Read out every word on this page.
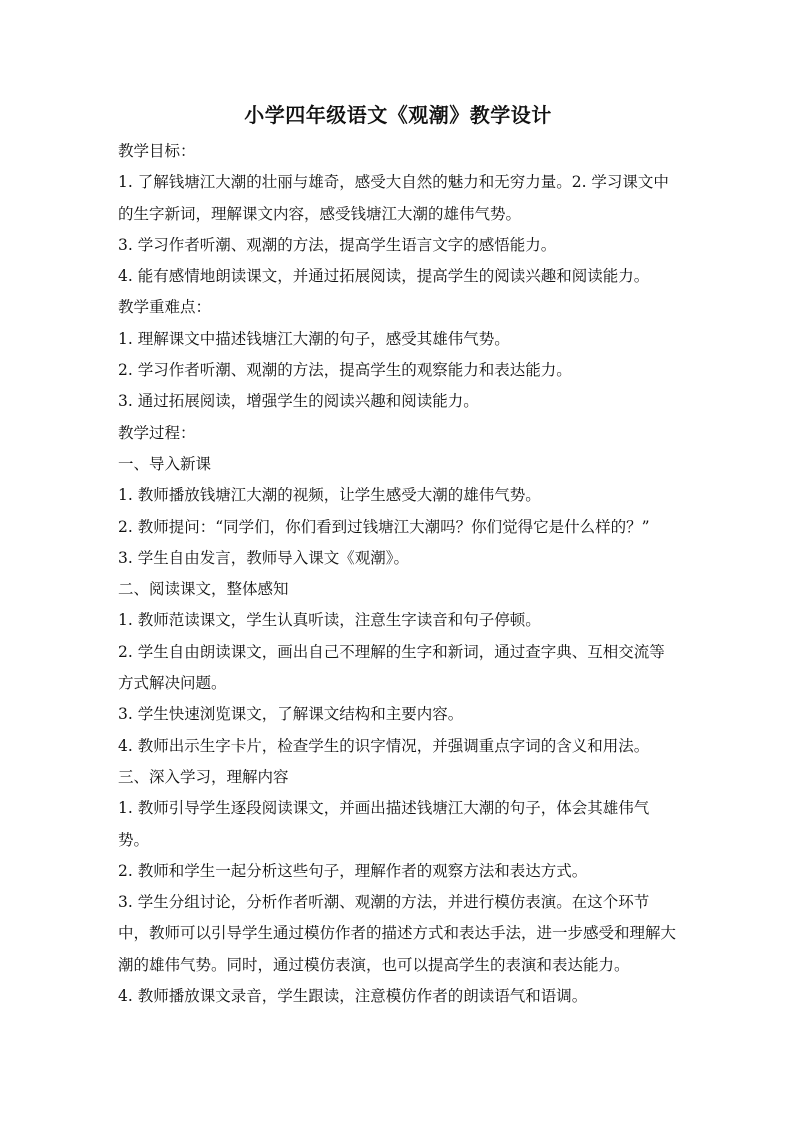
小学四年级语文《观潮》教学设计

教学目标：

1. 了解钱塘江大潮的壮丽与雄奇，感受大自然的魅力和无穷力量。2. 学习课文中的生字新词，理解课文内容，感受钱塘江大潮的雄伟气势。

3. 学习作者听潮、观潮的方法，提高学生语言文字的感悟能力。

4. 能有感情地朗读课文，并通过拓展阅读，提高学生的阅读兴趣和阅读能力。

教学重难点：

1. 理解课文中描述钱塘江大潮的句子，感受其雄伟气势。

2. 学习作者听潮、观潮的方法，提高学生的观察能力和表达能力。

3. 通过拓展阅读，增强学生的阅读兴趣和阅读能力。

教学过程：

一、导入新课

1. 教师播放钱塘江大潮的视频，让学生感受大潮的雄伟气势。

2. 教师提问：“同学们，你们看到过钱塘江大潮吗？你们觉得它是什么样的？”

3. 学生自由发言，教师导入课文《观潮》。

二、阅读课文，整体感知

1. 教师范读课文，学生认真听读，注意生字读音和句子停顿。

2. 学生自由朗读课文，画出自己不理解的生字和新词，通过查字典、互相交流等方式解决问题。

3. 学生快速浏览课文，了解课文结构和主要内容。

4. 教师出示生字卡片，检查学生的识字情况，并强调重点字词的含义和用法。

三、深入学习，理解内容

1. 教师引导学生逐段阅读课文，并画出描述钱塘江大潮的句子，体会其雄伟气势。

2. 教师和学生一起分析这些句子，理解作者的观察方法和表达方式。

3. 学生分组讨论，分析作者听潮、观潮的方法，并进行模仿表演。在这个环节中，教师可以引导学生通过模仿作者的描述方式和表达手法，进一步感受和理解大潮的雄伟气势。同时，通过模仿表演，也可以提高学生的表演和表达能力。

4. 教师播放课文录音，学生跟读，注意模仿作者的朗读语气和语调。
